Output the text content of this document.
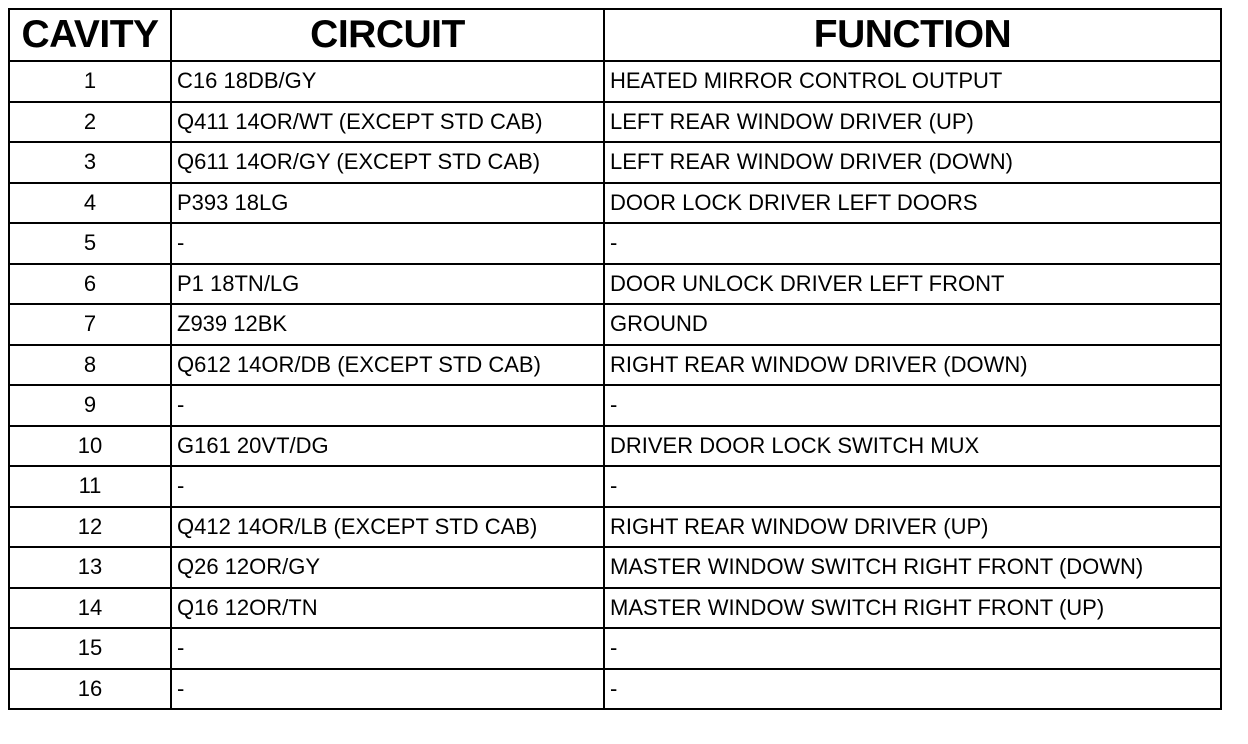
CAVITY	CIRCUIT	FUNCTION
1	C16 18DB/GY	HEATED MIRROR CONTROL OUTPUT
2	Q411 14OR/WT (EXCEPT STD CAB)	LEFT REAR WINDOW DRIVER (UP)
3	Q611 14OR/GY (EXCEPT STD CAB)	LEFT REAR WINDOW DRIVER (DOWN)
4	P393 18LG	DOOR LOCK DRIVER LEFT DOORS
5	-	-
6	P1 18TN/LG	DOOR UNLOCK DRIVER LEFT FRONT
7	Z939 12BK	GROUND
8	Q612 14OR/DB (EXCEPT STD CAB)	RIGHT REAR WINDOW DRIVER (DOWN)
9	-	-
10	G161 20VT/DG	DRIVER DOOR LOCK SWITCH MUX
11	-	-
12	Q412 14OR/LB (EXCEPT STD CAB)	RIGHT REAR WINDOW DRIVER (UP)
13	Q26 12OR/GY	MASTER WINDOW SWITCH RIGHT FRONT (DOWN)
14	Q16 12OR/TN	MASTER WINDOW SWITCH RIGHT FRONT (UP)
15	-	-
16	-	-
